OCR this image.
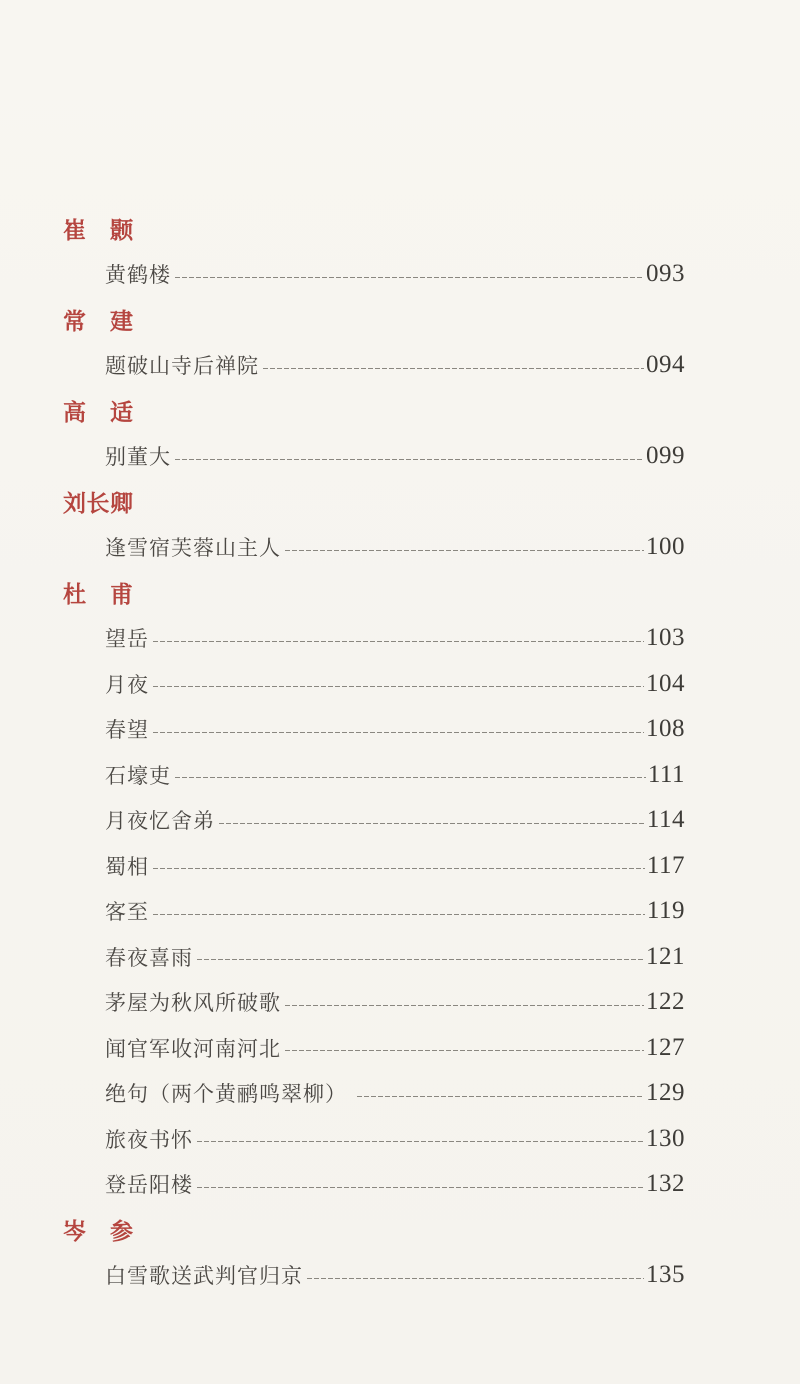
崔　颢
黄鹤楼	093
常　建
题破山寺后禅院	094
高　适
别董大	099
刘长卿
逢雪宿芙蓉山主人	100
杜　甫
望岳	103
月夜	104
春望	108
石壕吏	111
月夜忆舍弟	114
蜀相	117
客至	119
春夜喜雨	121
茅屋为秋风所破歌	122
闻官军收河南河北	127
绝句（两个黄鹂鸣翠柳）	129
旅夜书怀	130
登岳阳楼	132
岑　参
白雪歌送武判官归京	135
